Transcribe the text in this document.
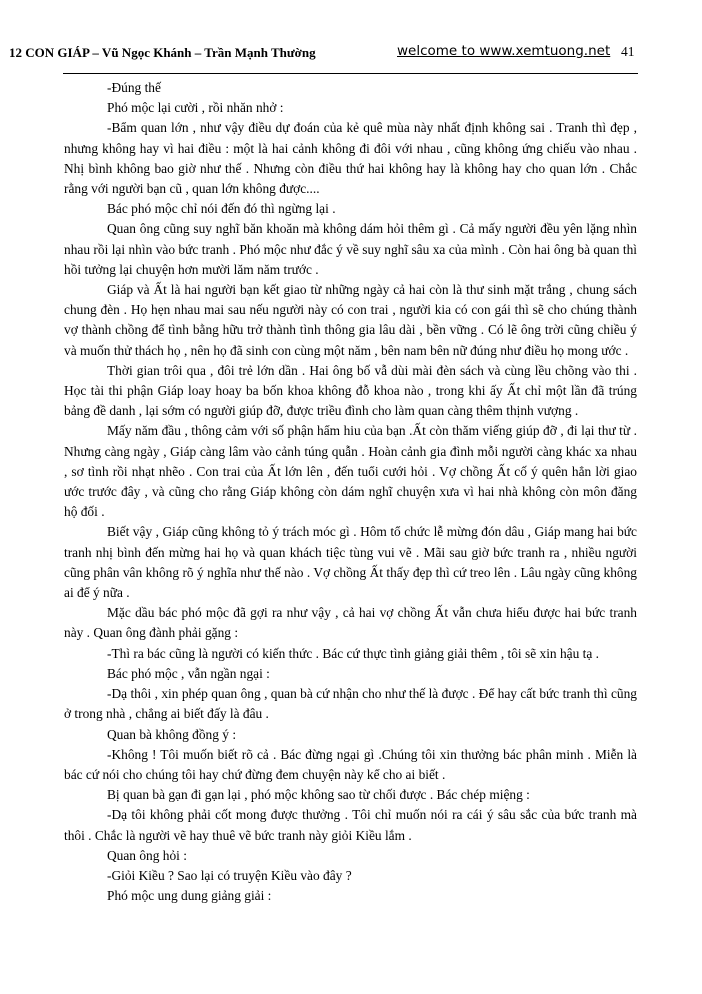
12 CON GIÁP – Vũ Ngọc Khánh – Trần Mạnh Thường	welcome to www.xemtuong.net 41

-Đúng thế

Phó mộc lại cười , rồi nhăn nhở :

-Bẩm quan lớn , như vậy điều dự đoán của kẻ quê mùa này nhất định không sai . Tranh thì đẹp , nhưng không hay vì hai điều : một là hai cảnh không đi đôi với nhau , cũng không ứng chiếu vào nhau . Nhị bình không bao giờ như thế . Nhưng còn điều thứ hai không hay là không hay cho quan lớn . Chắc rằng với người bạn cũ , quan lớn không được....

Bác phó mộc chỉ nói đến đó thì ngừng lại .

Quan ông cũng suy nghĩ băn khoăn mà không dám hỏi thêm gì . Cả mấy người đều yên lặng nhìn nhau rồi lại nhìn vào bức tranh . Phó mộc như đắc ý về suy nghĩ sâu xa của mình . Còn hai ông bà quan thì hồi tưởng lại chuyện hơn mười lăm năm trước .

Giáp và Ất là hai người bạn kết giao từ những ngày cả hai còn là thư sinh mặt trắng , chung sách chung đèn . Họ hẹn nhau mai sau nếu người này có con trai , người kia có con gái thì sẽ cho chúng thành vợ thành chồng để tình bằng hữu trở thành tình thông gia lâu dài , bền vững . Có lẽ ông trời cũng chiều ý và muốn thử thách họ , nên họ đã sinh con cùng một năm , bên nam bên nữ đúng như điều họ mong ước .

Thời gian trôi qua , đôi trẻ lớn dần . Hai ông bố vẫ dùi mài đèn sách và cùng lều chõng vào thi . Học tài thi phận Giáp loay hoay ba bốn khoa không đỗ khoa nào , trong khi ấy Ất chỉ một lần đã trúng bảng đề danh , lại sớm có người giúp đỡ, được triều đình cho làm quan càng thêm thịnh vượng .

Mấy năm đầu , thông cảm với số phận hẩm hiu của bạn .Ất còn thăm viếng giúp đỡ , đi lại thư từ . Nhưng càng ngày , Giáp càng lâm vào cảnh túng quẫn . Hoàn cảnh gia đình mỗi người càng khác xa nhau , sơ tình rồi nhạt nhẽo . Con trai của Ất lớn lên , đến tuổi cưới hỏi . Vợ chồng Ất cố ý quên hẳn lời giao ước trước đây , và cũng cho rằng Giáp không còn dám nghĩ chuyện xưa vì hai nhà không còn môn đăng hộ đối .

Biết vậy , Giáp cũng không tỏ ý trách móc gì . Hôm tổ chức lễ mừng đón dâu , Giáp mang hai bức tranh nhị bình đến mừng hai họ và quan khách tiệc tùng vui vẽ . Mãi sau giờ bức tranh ra , nhiều người cũng phân vân không rõ ý nghĩa như thế nào . Vợ chồng Ất thấy đẹp thì cứ treo lên . Lâu ngày cũng không ai để ý nữa .

Mặc dầu bác phó mộc đã gợi ra như vậy , cả hai vợ chồng Ất vẫn chưa hiểu được hai bức tranh này . Quan ông đành phải gặng :

-Thì ra bác cũng là người có kiến thức . Bác cứ thực tình giảng giải thêm , tôi sẽ xin hậu tạ .

Bác phó mộc , vẫn ngần ngại :

-Dạ thôi , xin phép quan ông , quan bà cứ nhận cho như thế là được . Để hay cất bức tranh thì cũng ở trong nhà , chẳng ai biết đấy là đâu .

Quan bà không đồng ý :

-Không ! Tôi muốn biết rõ cả . Bác đừng ngại gì .Chúng tôi xin thưởng bác phân minh . Miễn là bác cứ nói cho chúng tôi hay chứ đừng đem chuyện này kể cho ai biết .

Bị quan bà gạn đi gạn lại , phó mộc không sao từ chối được . Bác chép miệng :

-Dạ tôi không phải cốt mong được thưởng . Tôi chỉ muốn nói ra cái ý sâu sắc của bức tranh mà thôi . Chắc là người vẽ hay thuê vẽ bức tranh này giỏi Kiều lắm .

Quan ông hỏi :

-Giỏi Kiều ? Sao lại có truyện Kiều vào đây ?

Phó mộc ung dung giảng giải :
